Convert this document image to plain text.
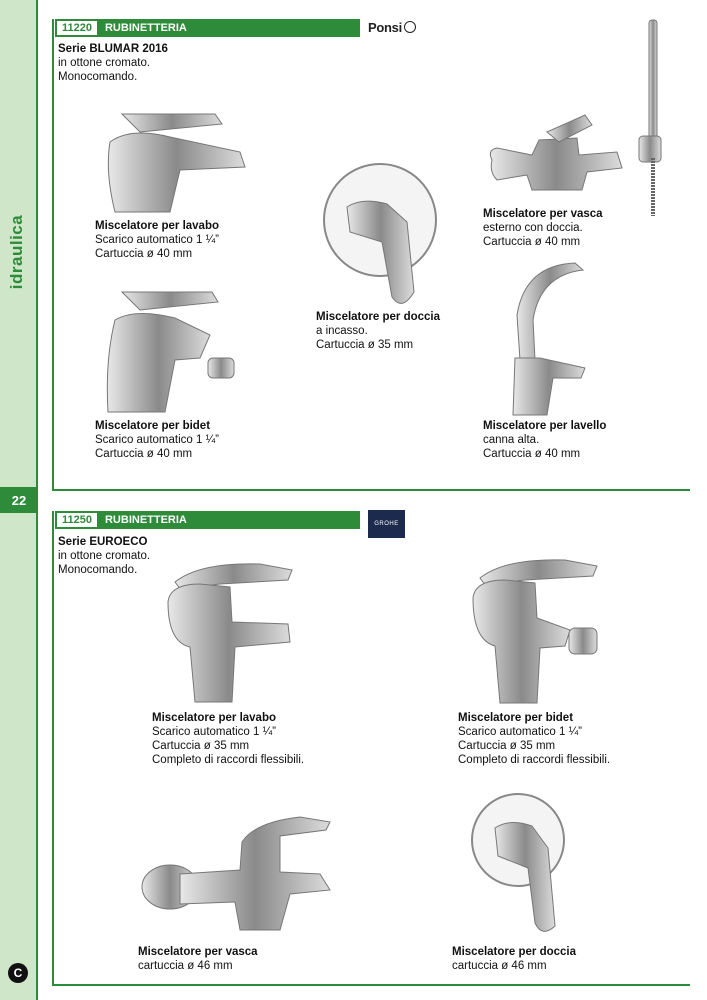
idraulica
22
C
11220	RUBINETTERIA	Ponsi
Serie BLUMAR 2016
in ottone cromato.
Monocomando.
Miscelatore per lavabo
Scarico automatico 1 ¼”
Cartuccia ø 40 mm
Miscelatore per doccia
a incasso.
Cartuccia ø 35 mm
Miscelatore per vasca
esterno con doccia.
Cartuccia ø 40 mm
Miscelatore per bidet
Scarico automatico 1 ¼”
Cartuccia ø 40 mm
Miscelatore per lavello
canna alta.
Cartuccia ø 40 mm
11250	RUBINETTERIA	GROHE
Serie EUROECO
in ottone cromato.
Monocomando.
Miscelatore per lavabo
Scarico automatico 1 ¼”
Cartuccia ø 35 mm
Completo di raccordi flessibili.
Miscelatore per bidet
Scarico automatico 1 ¼”
Cartuccia ø 35 mm
Completo di raccordi flessibili.
Miscelatore per vasca
cartuccia ø 46 mm
Miscelatore per doccia
cartuccia ø 46 mm
